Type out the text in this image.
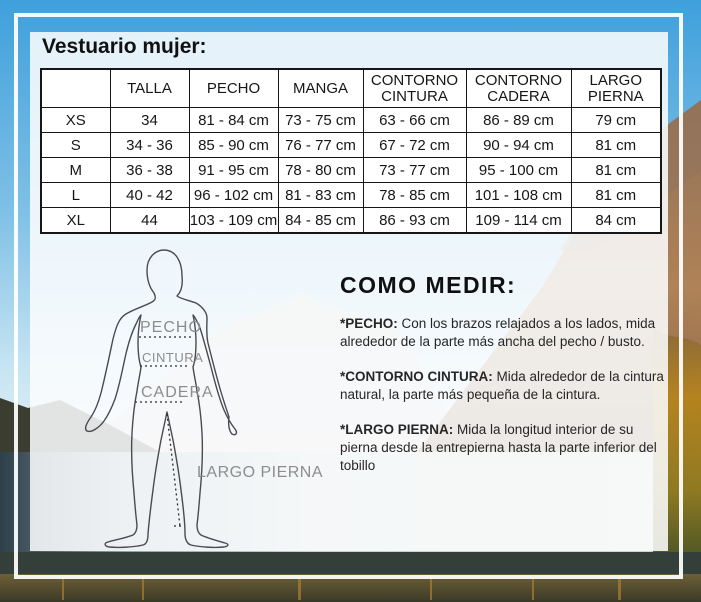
Vestuario mujer:
	TALLA	PECHO	MANGA	CONTORNO CINTURA	CONTORNO CADERA	LARGO PIERNA
XS	34	81 - 84 cm	73 - 75 cm	63 - 66 cm	86 - 89 cm	79 cm
S	34 - 36	85 - 90 cm	76 - 77 cm	67 - 72 cm	90 - 94 cm	81 cm
M	36 - 38	91 - 95 cm	78 - 80 cm	73 - 77 cm	95 - 100 cm	81 cm
L	40 - 42	96 - 102 cm	81 - 83 cm	78 - 85 cm	101 - 108 cm	81 cm
XL	44	103 - 109 cm	84 - 85 cm	86 - 93 cm	109 - 114 cm	84 cm
PECHO
CINTURA
CADERA
LARGO PIERNA
COMO MEDIR:

*PECHO: Con los brazos relajados a los lados, mida alrededor de la parte más ancha del pecho / busto.

*CONTORNO CINTURA: Mida alrededor de la cintura natural, la parte más pequeña de la cintura.

*LARGO PIERNA: Mida la longitud interior de su pierna desde la entrepierna hasta la parte inferior del tobillo
